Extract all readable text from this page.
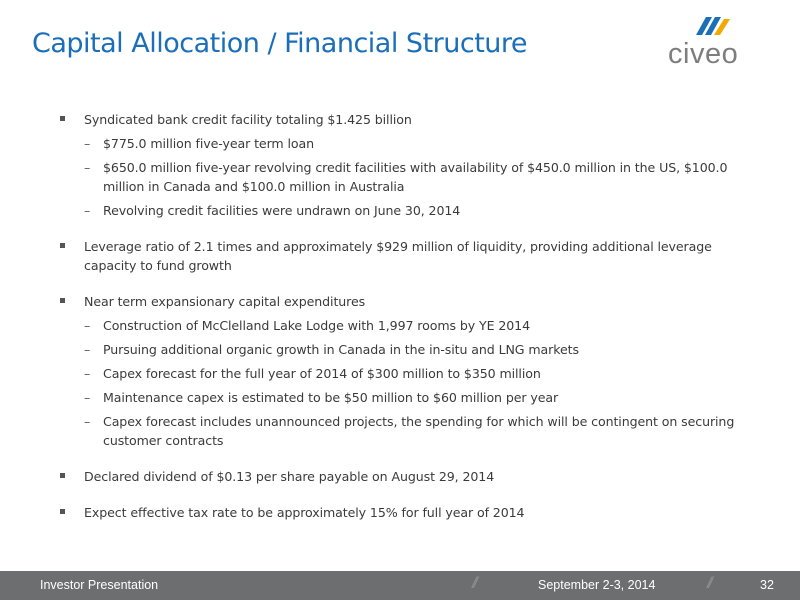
Capital Allocation / Financial Structure	civeo
Syndicated bank credit facility totaling $1.425 billion
– $775.0 million five-year term loan
– $650.0 million five-year revolving credit facilities with availability of $450.0 million in the US, $100.0 million in Canada and $100.0 million in Australia
– Revolving credit facilities were undrawn on June 30, 2014
Leverage ratio of 2.1 times and approximately $929 million of liquidity, providing additional leverage capacity to fund growth
Near term expansionary capital expenditures
– Construction of McClelland Lake Lodge with 1,997 rooms by YE 2014
– Pursuing additional organic growth in Canada in the in-situ and LNG markets
– Capex forecast for the full year of 2014 of $300 million to $350 million
– Maintenance capex is estimated to be $50 million to $60 million per year
– Capex forecast includes unannounced projects, the spending for which will be contingent on securing customer contracts
Declared dividend of $0.13 per share payable on August 29, 2014
Expect effective tax rate to be approximately 15% for full year of 2014
Investor Presentation	//	September 2-3, 2014	//	32
